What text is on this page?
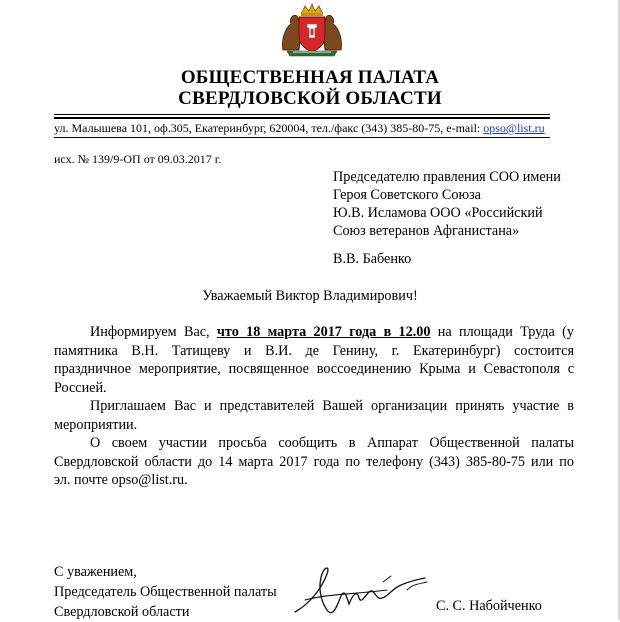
ОБЩЕСТВЕННАЯ ПАЛАТА
СВЕРДЛОВСКОЙ ОБЛАСТИ
ул. Малышева 101, оф.305, Екатеринбург, 620004, тел./факс (343) 385-80-75, e-mail: opso@list.ru
исх. № 139/9-ОП от 09.03.2017 г.
Председателю правления СОО имени
Героя Советского Союза
Ю.В. Исламова ООО «Российский
Союз ветеранов Афганистана»
В.В. Бабенко
Уважаемый Виктор Владимирович!
Информируем Вас, что 18 марта 2017 года в 12.00 на площади Труда (у
памятника В.Н. Татищеву и В.И. де Генину, г. Екатеринбург) состоится
праздничное мероприятие, посвященное воссоединению Крыма и Севастополя с
Россией.
Приглашаем Вас и представителей Вашей организации принять участие в
мероприятии.
О своем участии просьба сообщить в Аппарат Общественной палаты
Свердловской области до 14 марта 2017 года по телефону (343) 385-80-75 или по
эл. почте opso@list.ru.
С уважением,
Председатель Общественной палаты
Свердловской области	С. С. Набойченко
